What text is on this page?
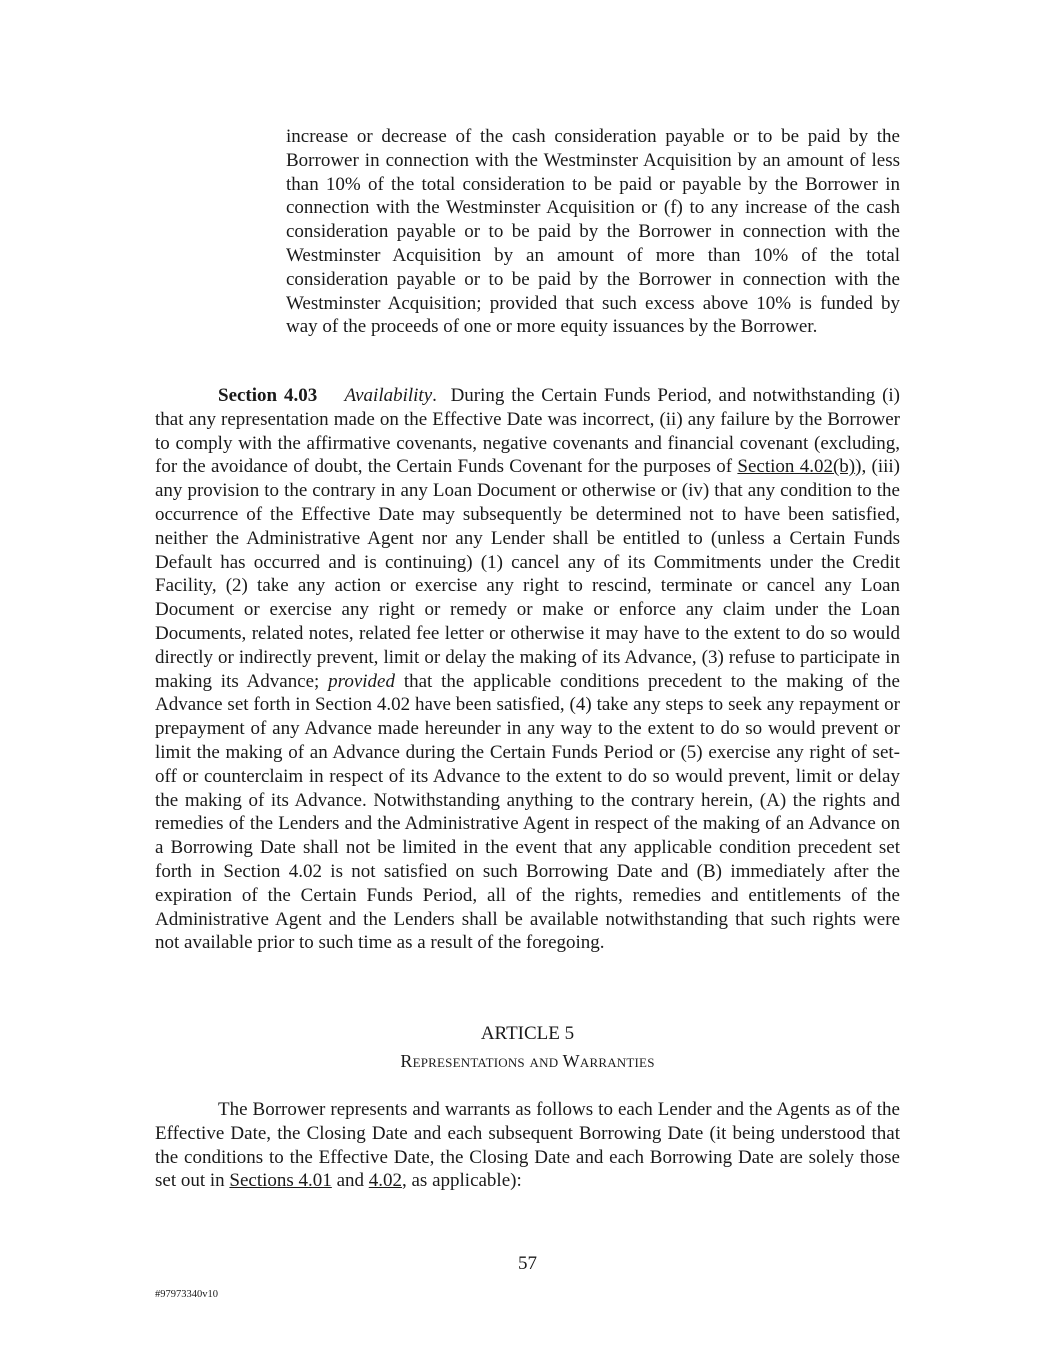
increase or decrease of the cash consideration payable or to be paid by the Borrower in connection with the Westminster Acquisition by an amount of less than 10% of the total consideration to be paid or payable by the Borrower in connection with the Westminster Acquisition or (f) to any increase of the cash consideration payable or to be paid by the Borrower in connection with the Westminster Acquisition by an amount of more than 10% of the total consideration payable or to be paid by the Borrower in connection with the Westminster Acquisition; provided that such excess above 10% is funded by way of the proceeds of one or more equity issuances by the Borrower.

Section 4.03 Availability. During the Certain Funds Period, and notwithstanding (i) that any representation made on the Effective Date was incorrect, (ii) any failure by the Borrower to comply with the affirmative covenants, negative covenants and financial covenant (excluding, for the avoidance of doubt, the Certain Funds Covenant for the purposes of Section 4.02(b)), (iii) any provision to the contrary in any Loan Document or otherwise or (iv) that any condition to the occurrence of the Effective Date may subsequently be determined not to have been satisfied, neither the Administrative Agent nor any Lender shall be entitled to (unless a Certain Funds Default has occurred and is continuing) (1) cancel any of its Commitments under the Credit Facility, (2) take any action or exercise any right to rescind, terminate or cancel any Loan Document or exercise any right or remedy or make or enforce any claim under the Loan Documents, related notes, related fee letter or otherwise it may have to the extent to do so would directly or indirectly prevent, limit or delay the making of its Advance, (3) refuse to participate in making its Advance; provided that the applicable conditions precedent to the making of the Advance set forth in Section 4.02 have been satisfied, (4) take any steps to seek any repayment or prepayment of any Advance made hereunder in any way to the extent to do so would prevent or limit the making of an Advance during the Certain Funds Period or (5) exercise any right of set-off or counterclaim in respect of its Advance to the extent to do so would prevent, limit or delay the making of its Advance. Notwithstanding anything to the contrary herein, (A) the rights and remedies of the Lenders and the Administrative Agent in respect of the making of an Advance on a Borrowing Date shall not be limited in the event that any applicable condition precedent set forth in Section 4.02 is not satisfied on such Borrowing Date and (B) immediately after the expiration of the Certain Funds Period, all of the rights, remedies and entitlements of the Administrative Agent and the Lenders shall be available notwithstanding that such rights were not available prior to such time as a result of the foregoing.

ARTICLE 5
Representations and Warranties

The Borrower represents and warrants as follows to each Lender and the Agents as of the Effective Date, the Closing Date and each subsequent Borrowing Date (it being understood that the conditions to the Effective Date, the Closing Date and each Borrowing Date are solely those set out in Sections 4.01 and 4.02, as applicable):

57
#97973340v10
